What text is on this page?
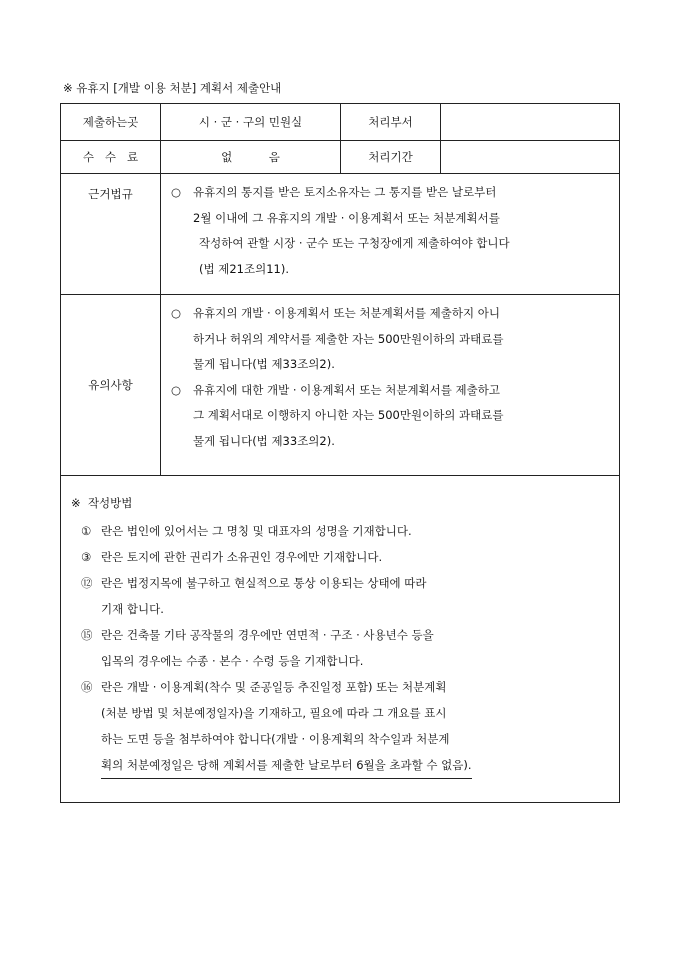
※ 유휴지 [개발 이용 처분] 계획서 제출안내
제출하는곳	시 · 군 · 구의 민원실	처리부서
수   수   료	없          음	처리기간
근거법규	○	유휴지의 통지를 받은 토지소유자는 그 통지를 받은 날로부터
2월 이내에 그 유휴지의 개발 · 이용계획서 또는 처분계획서를
작성하여 관할 시장 · 군수 또는 구청장에게 제출하여야 합니다
(법 제21조의11).
유의사항
○	유휴지의 개발 · 이용계획서 또는 처분계획서를 제출하지 아니
하거나 허위의 계약서를 제출한 자는 500만원이하의 과태료를
물게 됩니다(법 제33조의2).
○	유휴지에 대한 개발 · 이용계획서 또는 처분계획서를 제출하고
그 계획서대로 이행하지 아니한 자는 500만원이하의 과태료를
물게 됩니다(법 제33조의2).
※  작성방법
① 란은 법인에 있어서는 그 명칭 및 대표자의 성명을 기재합니다.
③ 란은 토지에 관한 권리가 소유권인 경우에만 기재합니다.
⑫ 란은 법정지목에 불구하고 현실적으로 통상 이용되는 상태에 따라
기재 합니다.
⑮ 란은 건축물 기타 공작물의 경우에만 연면적 · 구조 · 사용년수 등을
입목의 경우에는 수종 · 본수 · 수령 등을 기재합니다.
⑯ 란은 개발 · 이용계획(착수 및 준공일등 추진일정 포함) 또는 처분계획
(처분 방법 및 처분예정일자)을 기재하고, 필요에 따라 그 개요를 표시
하는 도면 등을 첨부하여야 합니다(개발 · 이용계획의 착수일과 처분계
획의 처분예정일은 당해 계획서를 제출한 날로부터 6월을 초과할 수 없음).
